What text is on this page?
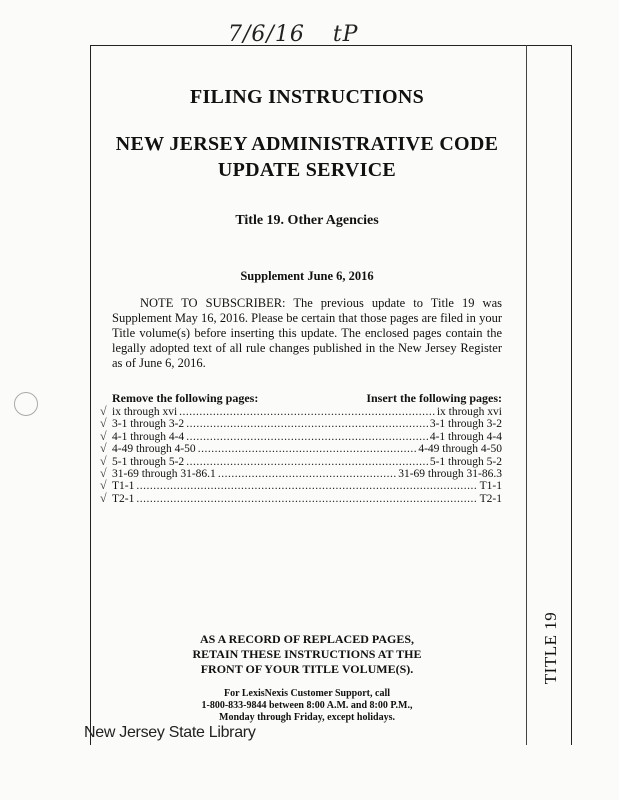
7/6/16 tP
TITLE 19
FILING INSTRUCTIONS
NEW JERSEY ADMINISTRATIVE CODE
UPDATE SERVICE
Title 19. Other Agencies
Supplement June 6, 2016

NOTE TO SUBSCRIBER: The previous update to Title 19 was Supplement May 16, 2016. Please be certain that those pages are filed in your Title volume(s) before inserting this update. The enclosed pages contain the legally adopted text of all rule changes published in the New Jersey Register as of June 6, 2016.

Remove the following pages:	Insert the following pages:
√ ix through xvi .....	ix through xvi
√ 3-1 through 3-2 .....	3-1 through 3-2
√ 4-1 through 4-4 .....	4-1 through 4-4
√ 4-49 through 4-50 .....	4-49 through 4-50
√ 5-1 through 5-2 .....	5-1 through 5-2
√ 31-69 through 31-86.1 .....	31-69 through 31-86.3
√ T1-1 .....	T1-1
√ T2-1 .....	T2-1
AS A RECORD OF REPLACED PAGES,
RETAIN THESE INSTRUCTIONS AT THE
FRONT OF YOUR TITLE VOLUME(S).
For LexisNexis Customer Support, call
1-800-833-9844 between 8:00 A.M. and 8:00 P.M.,
Monday through Friday, except holidays.
New Jersey State Library
